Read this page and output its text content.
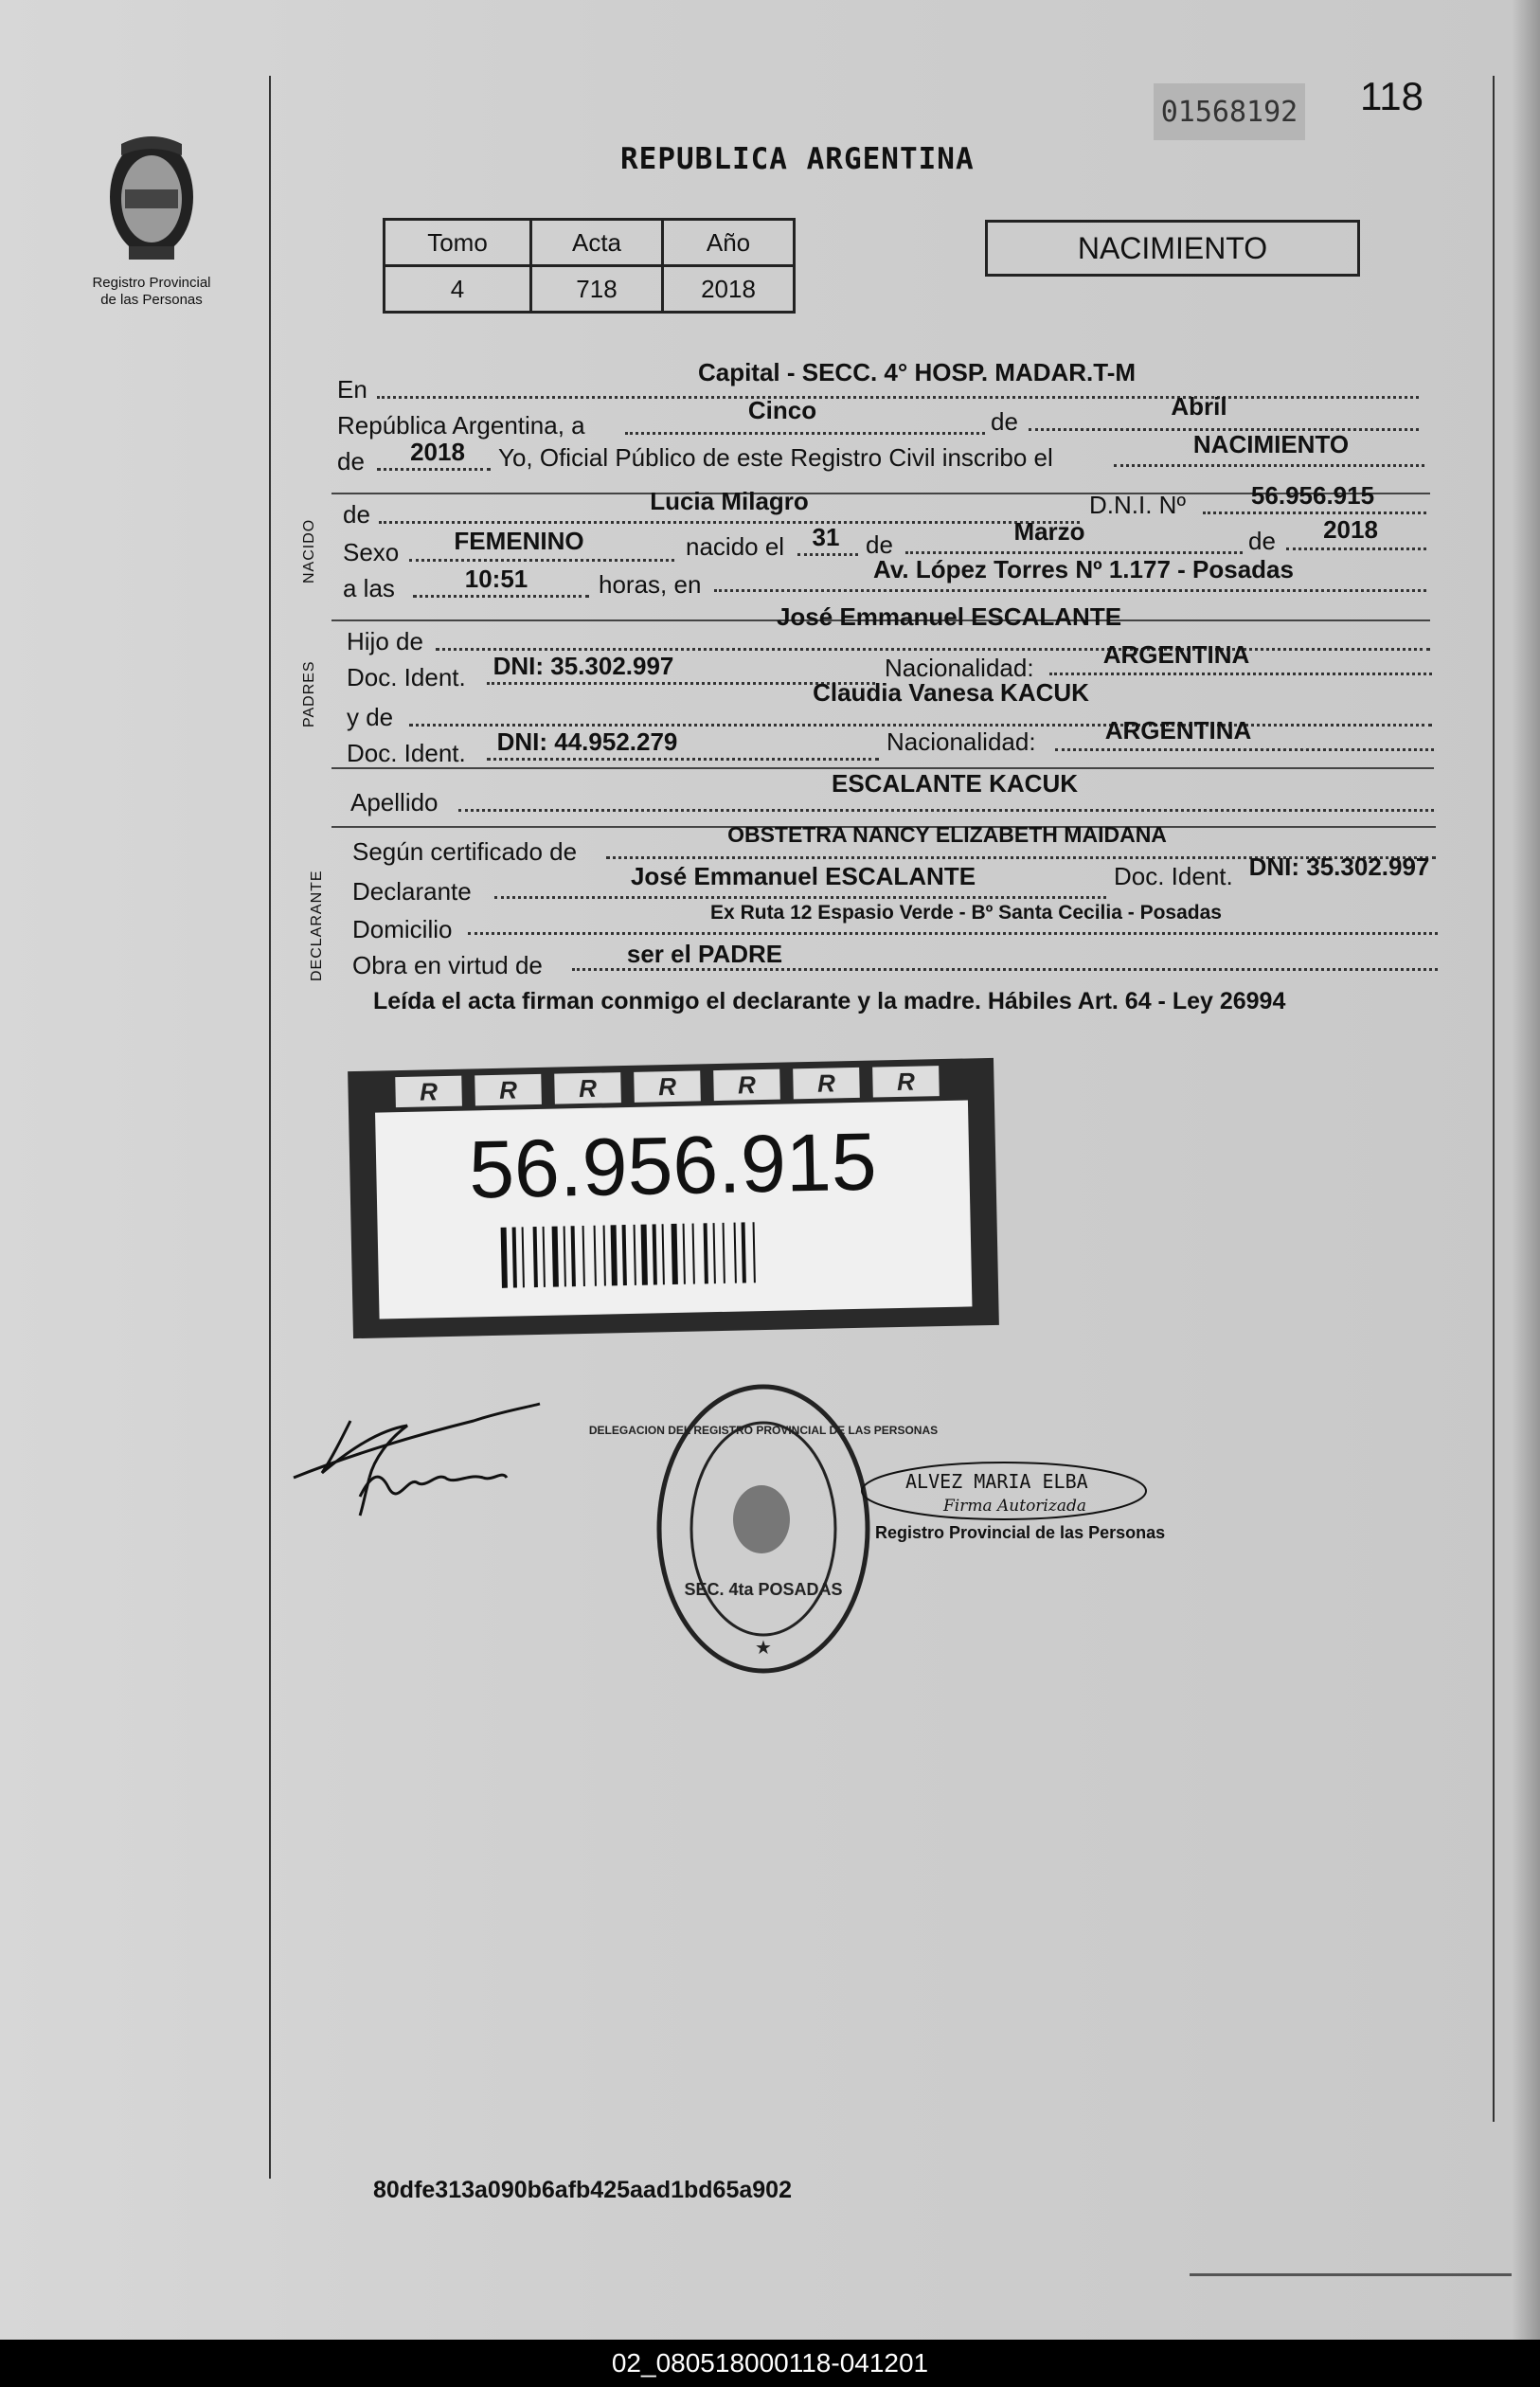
Registro Provincial
de las Personas
REPUBLICA ARGENTINA
01568192 118
Tomo	Acta	Año
4	718	2018
NACIMIENTO
En
Capital - SECC. 4° HOSP. MADAR.T-M
República Argentina, a
Cinco	de
Abril
de 2018 Yo, Oficial Público de este Registro Civil inscribo el	NACIMIENTO
NACIDO
de	Lucia Milagro	D.N.I. Nº	56.956.915
Sexo FEMENINO	nacido el 31 de	Marzo	de 2018
a las	10:51	horas, en
Av. López Torres Nº 1.177 - Posadas
PADRES
Hijo de
José Emmanuel ESCALANTE
Doc. Ident. DNI: 35.302.997	Nacionalidad:	ARGENTINA
y de
Claudia Vanesa KACUK
Doc. Ident. DNI: 44.952.279	Nacionalidad:	ARGENTINA
Apellido
ESCALANTE KACUK
DECLARANTE
Según certificado de
OBSTETRA NANCY ELIZABETH MAIDANA
Declarante
José Emmanuel ESCALANTE	Doc. Ident. DNI: 35.302.997
Domicilio
Ex Ruta 12 Espasio Verde - Bº Santa Cecilia - Posadas
Obra en virtud de	ser el PADRE
Leída el acta firman conmigo el declarante y la madre. Hábiles Art. 64 - Ley 26994
R	R	R	R	R	R	R
56.956.915
DELEGACION DEL REGISTRO PROVINCIAL DE LAS PERSONAS
SEC. 4ta POSADAS
★
ALVEZ MARIA ELBA
Firma Autorizada
Registro Provincial de las Personas
80dfe313a090b6afb425aad1bd65a902
02_080518000118-041201
